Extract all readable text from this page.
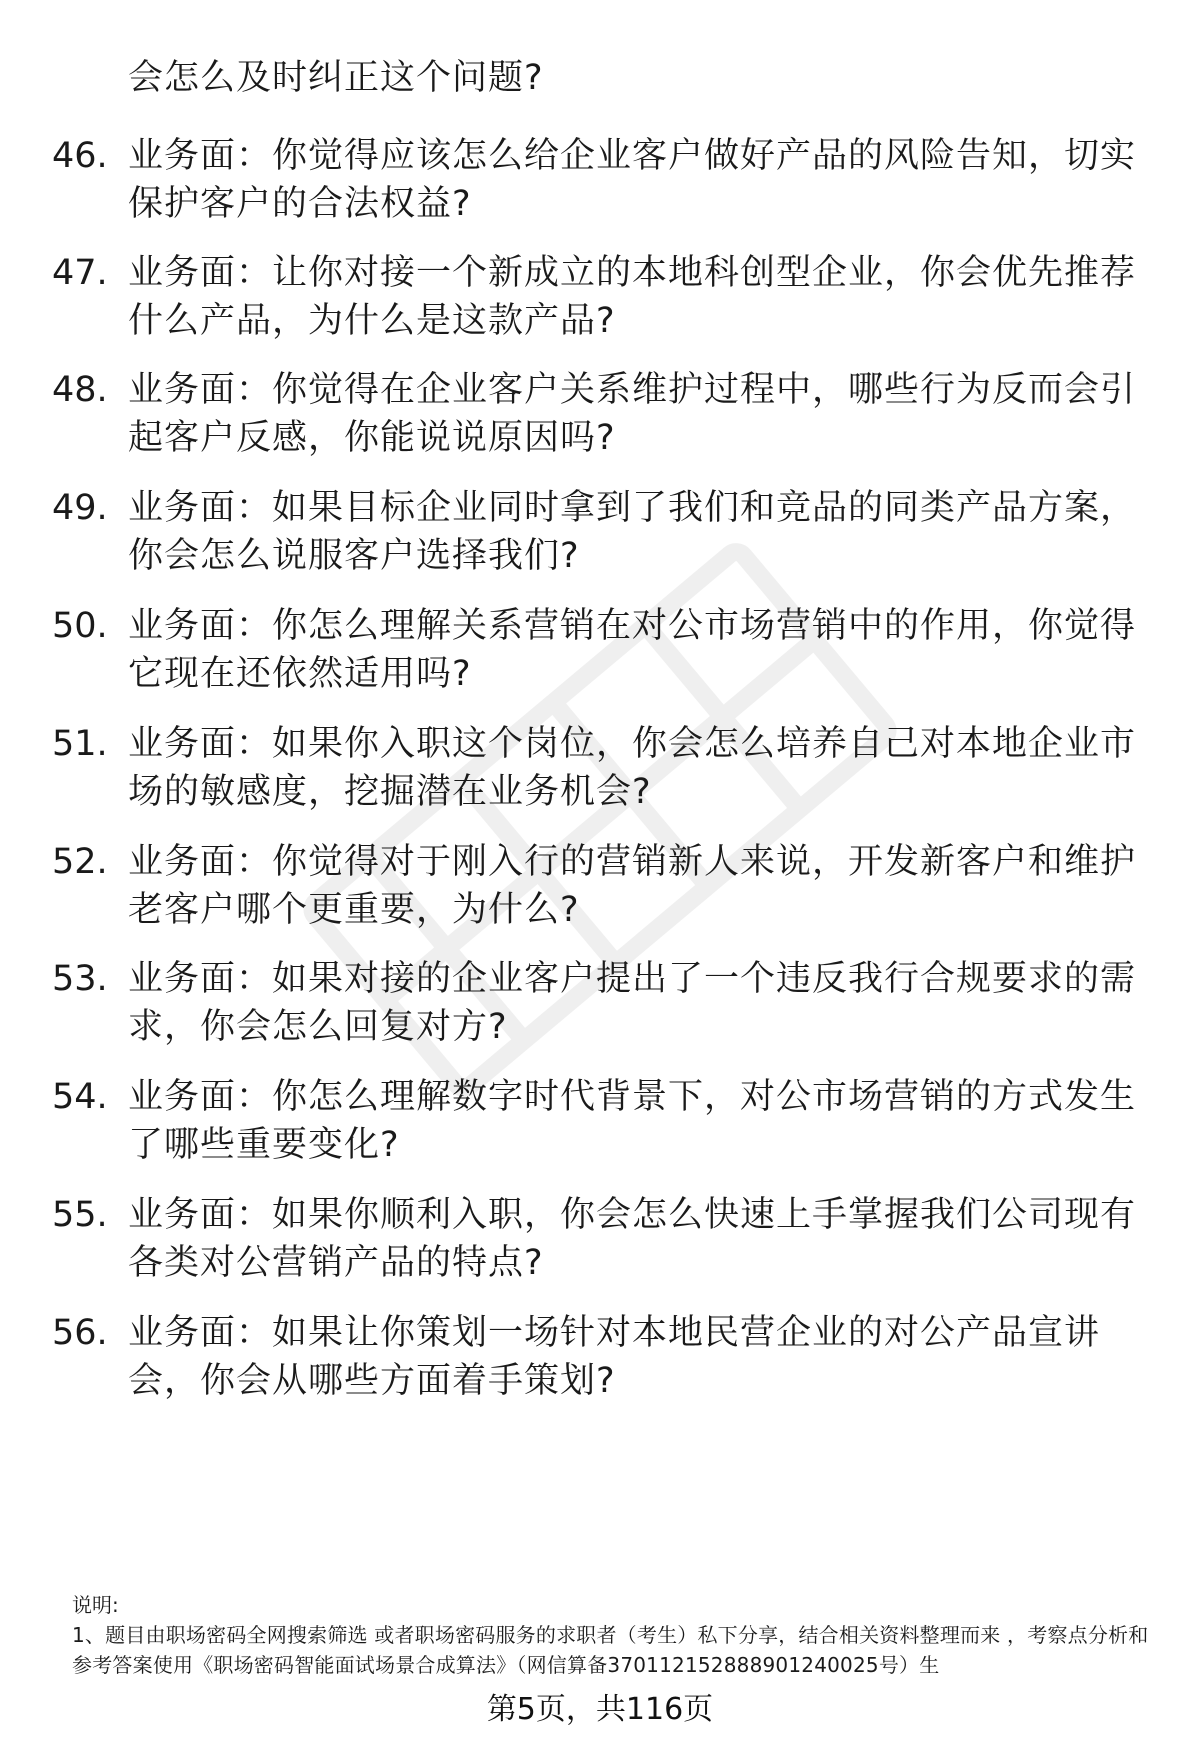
会怎么及时纠正这个问题?
46. 业务面：你觉得应该怎么给企业客户做好产品的风险告知，切实
保护客户的合法权益?
47. 业务面：让你对接一个新成立的本地科创型企业，你会优先推荐
什么产品，为什么是这款产品?
48. 业务面：你觉得在企业客户关系维护过程中，哪些行为反而会引
起客户反感，你能说说原因吗?
49. 业务面：如果目标企业同时拿到了我们和竞品的同类产品方案，
你会怎么说服客户选择我们?
50. 业务面：你怎么理解关系营销在对公市场营销中的作用，你觉得
它现在还依然适用吗?
51. 业务面：如果你入职这个岗位，你会怎么培养自己对本地企业市
场的敏感度，挖掘潜在业务机会?
52. 业务面：你觉得对于刚入行的营销新人来说，开发新客户和维护
老客户哪个更重要，为什么?
53. 业务面：如果对接的企业客户提出了一个违反我行合规要求的需
求，你会怎么回复对方?
54. 业务面：你怎么理解数字时代背景下，对公市场营销的方式发生
了哪些重要变化?
55. 业务面：如果你顺利入职，你会怎么快速上手掌握我们公司现有
各类对公营销产品的特点?
56. 业务面：如果让你策划一场针对本地民营企业的对公产品宣讲
会，你会从哪些方面着手策划?
说明:
1、题目由职场密码全网搜索筛选 或者职场密码服务的求职者（考生）私下分享，结合相关资料整理而来 ，考察点分析和参考答案使用《职场密码智能面试场景合成算法》（网信算备370112152888901240025号）生
第5页，共116页
